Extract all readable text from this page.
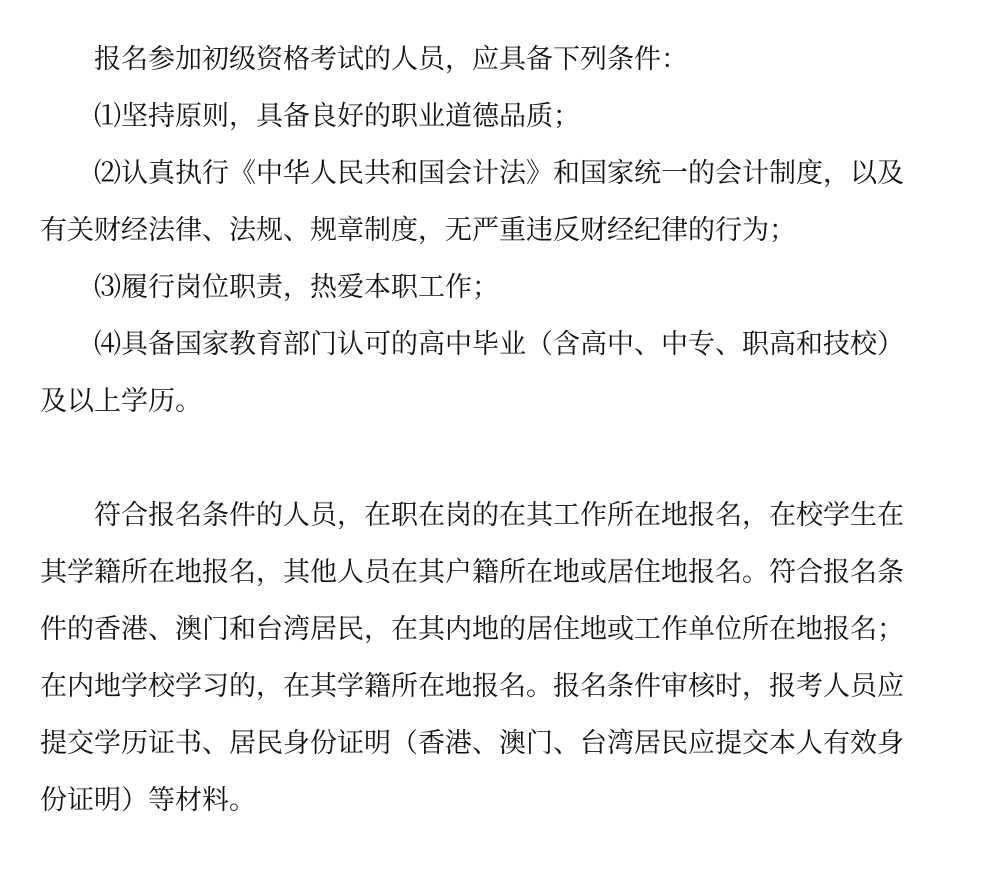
报名参加初级资格考试的人员，应具备下列条件：
⑴坚持原则，具备良好的职业道德品质；
⑵认真执行《中华人民共和国会计法》和国家统一的会计制度，以及
有关财经法律、法规、规章制度，无严重违反财经纪律的行为；
⑶履行岗位职责，热爱本职工作；
⑷具备国家教育部门认可的高中毕业（含高中、中专、职高和技校）
及以上学历。
符合报名条件的人员，在职在岗的在其工作所在地报名，在校学生在
其学籍所在地报名，其他人员在其户籍所在地或居住地报名。符合报名条
件的香港、澳门和台湾居民，在其内地的居住地或工作单位所在地报名；
在内地学校学习的，在其学籍所在地报名。报名条件审核时，报考人员应
提交学历证书、居民身份证明（香港、澳门、台湾居民应提交本人有效身
份证明）等材料。
